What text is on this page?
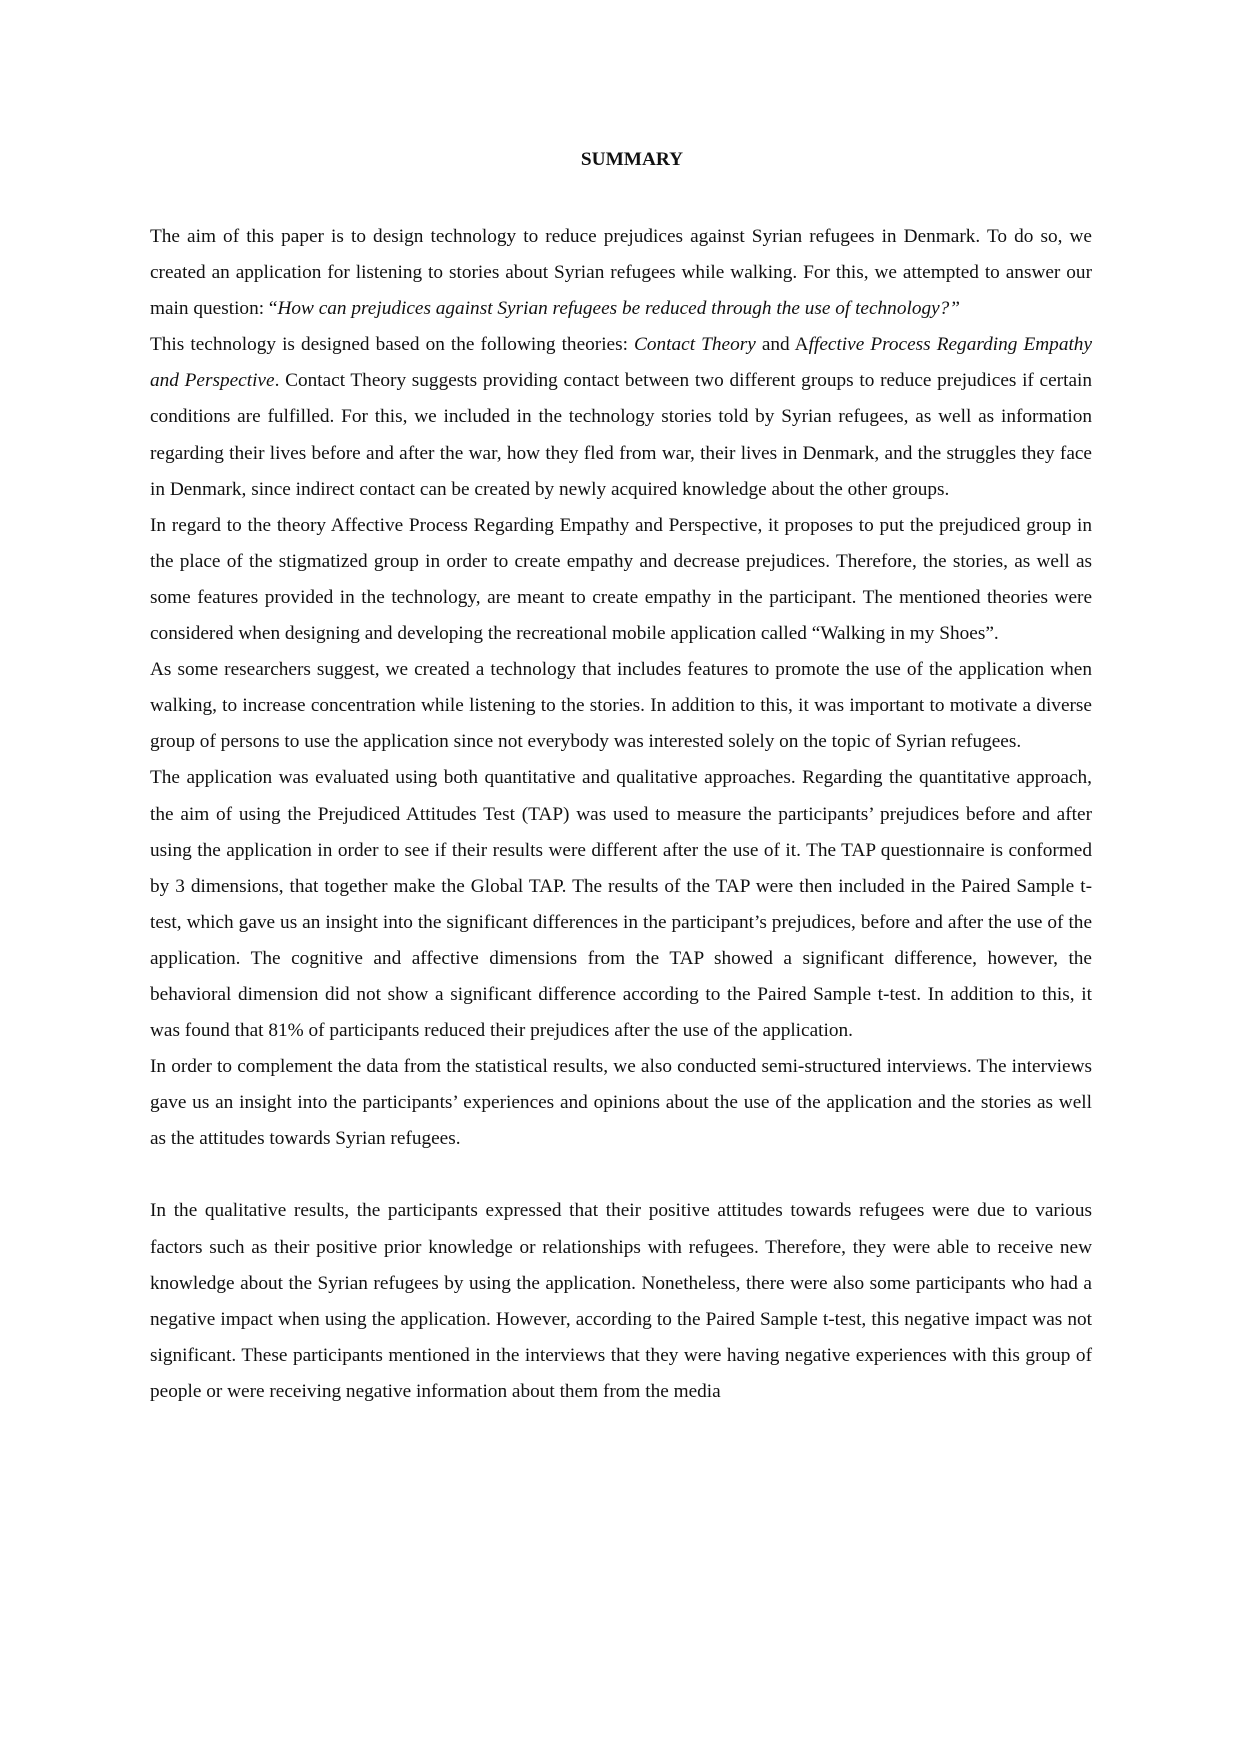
SUMMARY

The aim of this paper is to design technology to reduce prejudices against Syrian refugees in Denmark. To do so, we created an application for listening to stories about Syrian refugees while walking. For this, we attempted to answer our main question: “How can prejudices against Syrian refugees be reduced through the use of technology?”

This technology is designed based on the following theories: Contact Theory and Affective Process Regarding Empathy and Perspective. Contact Theory suggests providing contact between two different groups to reduce prejudices if certain conditions are fulfilled. For this, we included in the technology stories told by Syrian refugees, as well as information regarding their lives before and after the war, how they fled from war, their lives in Denmark, and the struggles they face in Denmark, since indirect contact can be created by newly acquired knowledge about the other groups.

In regard to the theory Affective Process Regarding Empathy and Perspective, it proposes to put the prejudiced group in the place of the stigmatized group in order to create empathy and decrease prejudices. Therefore, the stories, as well as some features provided in the technology, are meant to create empathy in the participant. The mentioned theories were considered when designing and developing the recreational mobile application called “Walking in my Shoes”.

As some researchers suggest, we created a technology that includes features to promote the use of the application when walking, to increase concentration while listening to the stories. In addition to this, it was important to motivate a diverse group of persons to use the application since not everybody was interested solely on the topic of Syrian refugees.

The application was evaluated using both quantitative and qualitative approaches. Regarding the quantitative approach, the aim of using the Prejudiced Attitudes Test (TAP) was used to measure the participants’ prejudices before and after using the application in order to see if their results were different after the use of it. The TAP questionnaire is conformed by 3 dimensions, that together make the Global TAP. The results of the TAP were then included in the Paired Sample t-test, which gave us an insight into the significant differences in the participant’s prejudices, before and after the use of the application. The cognitive and affective dimensions from the TAP showed a significant difference, however, the behavioral dimension did not show a significant difference according to the Paired Sample t-test. In addition to this, it was found that 81% of participants reduced their prejudices after the use of the application.

In order to complement the data from the statistical results, we also conducted semi-structured interviews. The interviews gave us an insight into the participants’ experiences and opinions about the use of the application and the stories as well as the attitudes towards Syrian refugees.

In the qualitative results, the participants expressed that their positive attitudes towards refugees were due to various factors such as their positive prior knowledge or relationships with refugees. Therefore, they were able to receive new knowledge about the Syrian refugees by using the application. Nonetheless, there were also some participants who had a negative impact when using the application. However, according to the Paired Sample t-test, this negative impact was not significant. These participants mentioned in the interviews that they were having negative experiences with this group of people or were receiving negative information about them from the media
